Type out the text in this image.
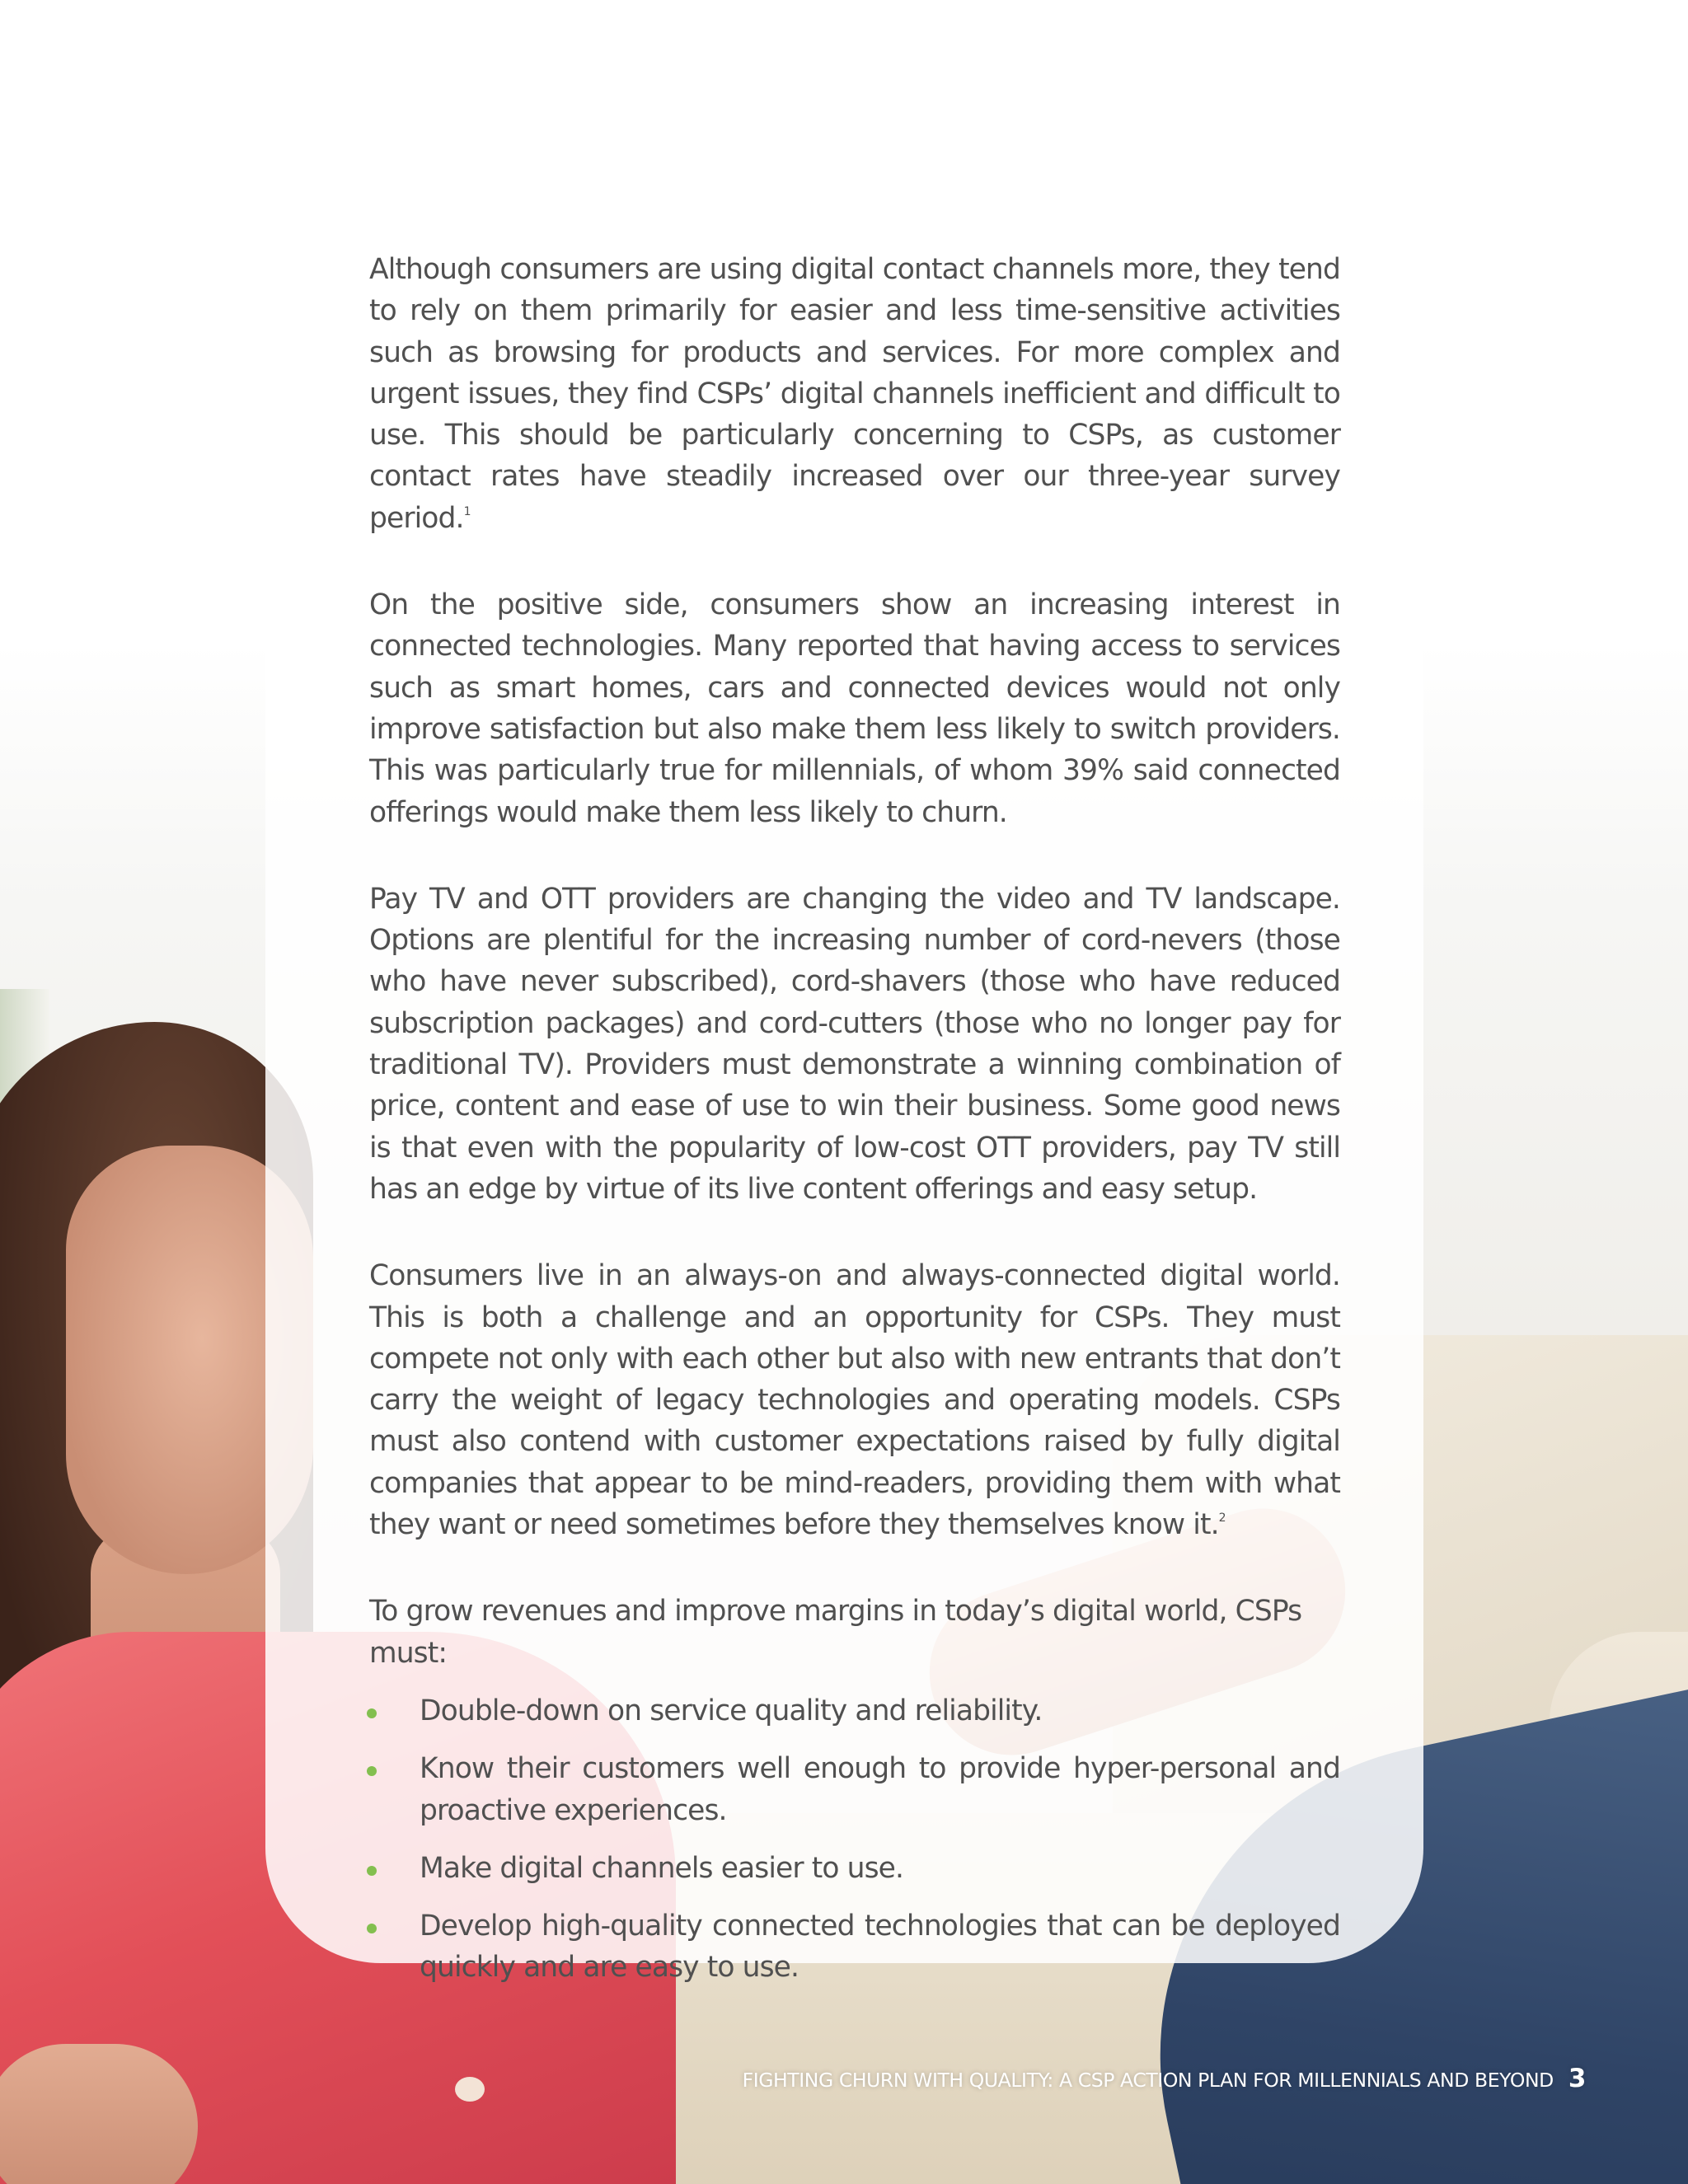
Although consumers are using digital contact channels more, they tend to rely on them primarily for easier and less time-sensitive activities such as browsing for products and services. For more complex and urgent issues, they find CSPs’ digital channels inefficient and difficult to use. This should be particularly concerning to CSPs, as customer contact rates have steadily increased over our three-year survey period.$^1$

On the positive side, consumers show an increasing interest in connected technologies. Many reported that having access to services such as smart homes, cars and connected devices would not only improve satisfaction but also make them less likely to switch providers. This was particularly true for millennials, of whom 39% said connected offerings would make them less likely to churn.

Pay TV and OTT providers are changing the video and TV landscape. Options are plentiful for the increasing number of cord-nevers (those who have never subscribed), cord-shavers (those who have reduced subscription packages) and cord-cutters (those who no longer pay for traditional TV). Providers must demonstrate a winning combination of price, content and ease of use to win their business. Some good news is that even with the popularity of low-cost OTT providers, pay TV still has an edge by virtue of its live content offerings and easy setup.

Consumers live in an always-on and always-connected digital world. This is both a challenge and an opportunity for CSPs. They must compete not only with each other but also with new entrants that don’t carry the weight of legacy technologies and operating models. CSPs must also contend with customer expectations raised by fully digital companies that appear to be mind-readers, providing them with what they want or need sometimes before they themselves know it.$^2$

To grow revenues and improve margins in today’s digital world, CSPs must:

Double-down on service quality and reliability.
Know their customers well enough to provide hyper-personal and proactive experiences.
Make digital channels easier to use.
Develop high-quality connected technologies that can be deployed quickly and are easy to use.
FIGHTING CHURN WITH QUALITY: A CSP ACTION PLAN FOR MILLENNIALS AND BEYOND 3
